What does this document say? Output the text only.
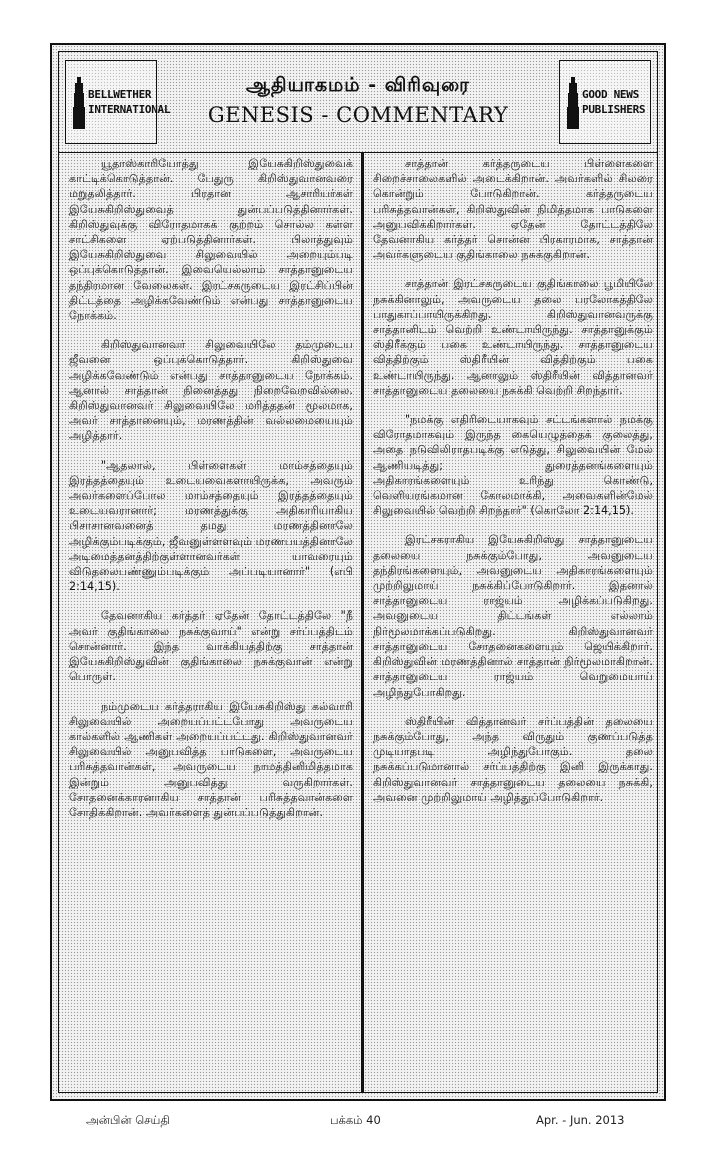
BELLWETHER INTERNATIONAL
ஆதியாகமம் - விரிவுரை
GENESIS - COMMENTARY
GOOD NEWS PUBLISHERS

யூதாஸ்காரியோத்து இயேசுகிறிஸ்துவைக் காட்டிக்கொடுத்தான். பேதுரு கிறிஸ்துவானவரை மறுதலித்தார். பிரதான ஆசாரியர்கள் இயேசுகிறிஸ்துவைத் துன்பப்படுத்தினார்கள். கிறிஸ்துவுக்கு விரோதமாகக் குற்றம் சொல்ல கள்ள சாட்சிகளை ஏற்படுத்தினார்கள். பிலாத்துவும் இயேசுகிறிஸ்துவை சிலுவையில் அறையும்படி ஒப்புக்கொடுத்தான். இவையெல்லாம் சாத்தானுடைய தந்திரமான வேலைகள். இரட்சகருடைய இரட்சிப்பின் திட்டத்தை அழிக்கவேண்டும் என்பது சாத்தானுடைய நோக்கம்.

கிறிஸ்துவானவர் சிலுவையிலே தம்முடைய ஜீவனை ஒப்புக்கொடுத்தார். கிறிஸ்துவை அழிக்கவேண்டும் என்பது சாத்தானுடைய நோக்கம். ஆனால் சாத்தான் நினைத்தது நிறைவேறவில்லை. கிறிஸ்துவானவர் சிலுவையிலே மரித்ததன் மூலமாக, அவர் சாத்தானையும், மரணத்தின் வல்லமையையும் அழித்தார்.

"ஆதலால், பிள்ளைகள் மாம்சத்தையும் இரத்தத்தையும் உடையவைகளாயிருக்க, அவரும் அவர்களைப்போல மாம்சத்தையும் இரத்தத்தையும் உடையவரானார்; மரணத்துக்கு அதிகாரியாகிய பிசாசானவனைத் தமது மரணத்தினாலே அழிக்கும்படிக்கும், ஜீவனுள்ளளவும் மரணபயத்தினாலே அடிமைத்தனத்திற்குள்ளானவர்கள் யாவரையும் விடுதலைபண்ணும்படிக்கும் அப்படியானார்" (எபி 2:14,15).

தேவனாகிய கர்த்தர் ஏதேன் தோட்டத்திலே "நீ அவர் குதிங்காலை நசுக்குவாய்" என்று சர்ப்பத்திடம் சொன்னார். இந்த வாக்கியத்திற்கு சாத்தான் இயேசுகிறிஸ்துவின் குதிங்காலை நசுக்குவான் என்று பொருள்.

நம்முடைய கர்த்தராகிய இயேசுகிறிஸ்து கல்வாரி சிலுவையில் அறையப்பட்டபோது அவருடைய கால்களில் ஆணிகள் அறையப்பட்டது. கிறிஸ்துவானவர் சிலுவையில் அனுபவித்த பாடுகளை, அவருடைய பரிசுத்தவான்கள், அவருடைய நாமத்தினிமித்தமாக இன்றும் அனுபவித்து வருகிறார்கள். சோதனைக்காரனாகிய சாத்தான் பரிசுத்தவான்களை சோதிக்கிறான். அவர்களைத் துன்பப்படுத்துகிறான்.

சாத்தான் கர்த்தருடைய பிள்ளைகளை சிறைச்சாலைகளில் அடைக்கிறான். அவர்களில் சிலரை கொன்றும் போடுகிறான். கர்த்தருடைய பரிசுத்தவான்கள், கிறிஸ்துவின் நிமித்தமாக பாடுகளை அனுபவிக்கிறார்கள். ஏதேன் தோட்டத்திலே தேவனாகிய கர்த்தர் சொன்ன பிரகாரமாக, சாத்தான் அவர்களுடைய குதிங்காலை நசுக்குகிறான்.

சாத்தான் இரட்சகருடைய குதிங்காலை பூமியிலே நசுக்கினாலும், அவருடைய தலை பரலோகத்திலே பாதுகாப்பாயிருக்கிறது. கிறிஸ்துவானவருக்கு சாத்தானிடம் வெற்றி உண்டாயிருந்து. சாத்தானுக்கும் ஸ்திரீக்கும் பகை உண்டாயிருந்து. சாத்தானுடைய வித்திற்கும் ஸ்திரீயின் வித்திற்கும் பகை உண்டாயிருந்து. ஆனாலும் ஸ்திரீயின் வித்தானவர் சாத்தானுடைய தலையை நசுக்கி வெற்றி சிறந்தார்.

"நமக்கு எதிரிடையாகவும் சட்டங்களால் நமக்கு விரோதமாகவும் இருந்த கையெழுத்தைக் குலைத்து, அதை நடுவிலிராதபடிக்கு எடுத்து, சிலுவையின் மேல் ஆணியடித்து; துரைத்தனங்களையும் அதிகாரங்களையும் உரிந்து கொண்டு, வெளியரங்கமான கோலமாக்கி, அவைகளின்மேல் சிலுவையில் வெற்றி சிறந்தார்" (கொலோ 2:14,15).

இரட்சகராகிய இயேசுகிறிஸ்து சாத்தானுடைய தலையை நசுக்கும்போது, அவனுடைய தந்திரங்களையும், அவனுடைய அதிகாரங்களையும் முற்றிலுமாய் நசுக்கிப்போடுகிறார். இதனால் சாத்தானுடைய ராஜ்யம் அழிக்கப்படுகிறது. அவனுடைய திட்டங்கள் எல்லாம் நிர்மூலமாக்கப்படுகிறது. கிறிஸ்துவானவர் சாத்தானுடைய சோதனைகளையும் ஜெயிக்கிறார். கிறிஸ்துவின் மரணத்தினால் சாத்தான் நிர்மூலமாகிறான். சாத்தானுடைய ராஜ்யம் வெறுமையாய் அழிந்துபோகிறது.

ஸ்திரீயின் வித்தானவர் சர்ப்பத்தின் தலையை நசுக்கும்போது, அந்த விருதும் குணப்படுத்த முடியாதபடி அழிந்துபோகும். தலை நசுக்கப்படுமானால் சர்ப்பத்திற்கு இனி இருக்காது. கிறிஸ்துவானவர் சாத்தானுடைய தலையை நசுக்கி, அவனை முற்றிலுமாய் அழித்துப்போடுகிறார்.

அன்பின் செய்தி	பக்கம் 40	Apr. - Jun. 2013
